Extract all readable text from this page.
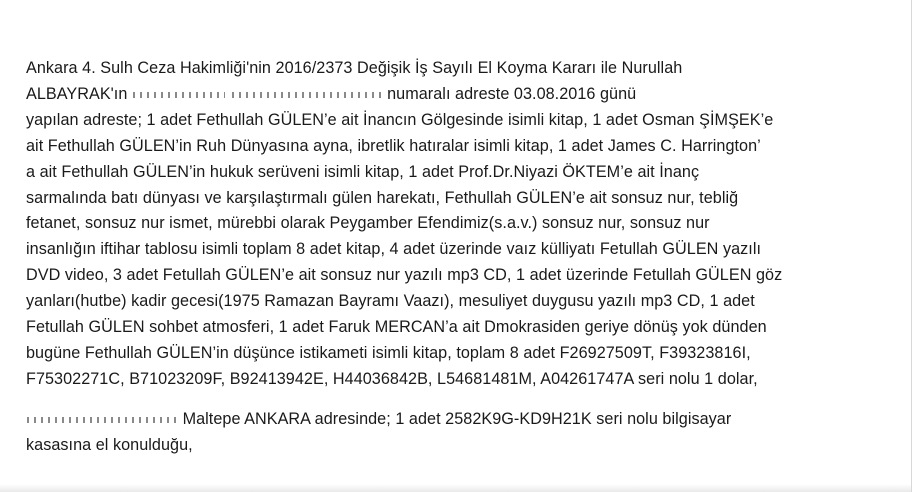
Ankara 4. Sulh Ceza Hakimliği'nin 2016/2373 Değişik İş Sayılı El Koyma Kararı ile Nurullah
ALBAYRAK'ın	numaralı adreste 03.08.2016 günü
yapılan adreste; 1 adet Fethullah GÜLEN’e ait İnancın Gölgesinde isimli kitap, 1 adet Osman ŞİMŞEK’e
ait Fethullah GÜLEN’in Ruh Dünyasına ayna, ibretlik hatıralar isimli kitap, 1 adet James C. Harrington’
a ait Fethullah GÜLEN’in hukuk serüveni isimli kitap, 1 adet Prof.Dr.Niyazi ÖKTEM’e ait İnanç
sarmalında batı dünyası ve karşılaştırmalı gülen harekatı, Fethullah GÜLEN’e ait sonsuz nur, tebliğ
fetanet, sonsuz nur ismet, mürebbi olarak Peygamber Efendimiz(s.a.v.) sonsuz nur, sonsuz nur
insanlığın iftihar tablosu isimli toplam 8 adet kitap, 4 adet üzerinde vaız külliyatı Fetullah GÜLEN yazılı
DVD video, 3 adet Fetullah GÜLEN’e ait sonsuz nur yazılı mp3 CD, 1 adet üzerinde Fetullah GÜLEN göz
yanları(hutbe) kadir gecesi(1975 Ramazan Bayramı Vaazı), mesuliyet duygusu yazılı mp3 CD, 1 adet
Fetullah GÜLEN sohbet atmosferi, 1 adet Faruk MERCAN’a ait Dmokrasiden geriye dönüş yok dünden
bugüne Fethullah GÜLEN’in düşünce istikameti isimli kitap, toplam 8 adet F26927509T, F39323816I,
F75302271C, B71023209F, B92413942E, H44036842B, L54681481M, A04261747A seri nolu 1 dolar,
Maltepe ANKARA adresinde; 1 adet 2582K9G-KD9H21K seri nolu bilgisayar
kasasına el konulduğu,
